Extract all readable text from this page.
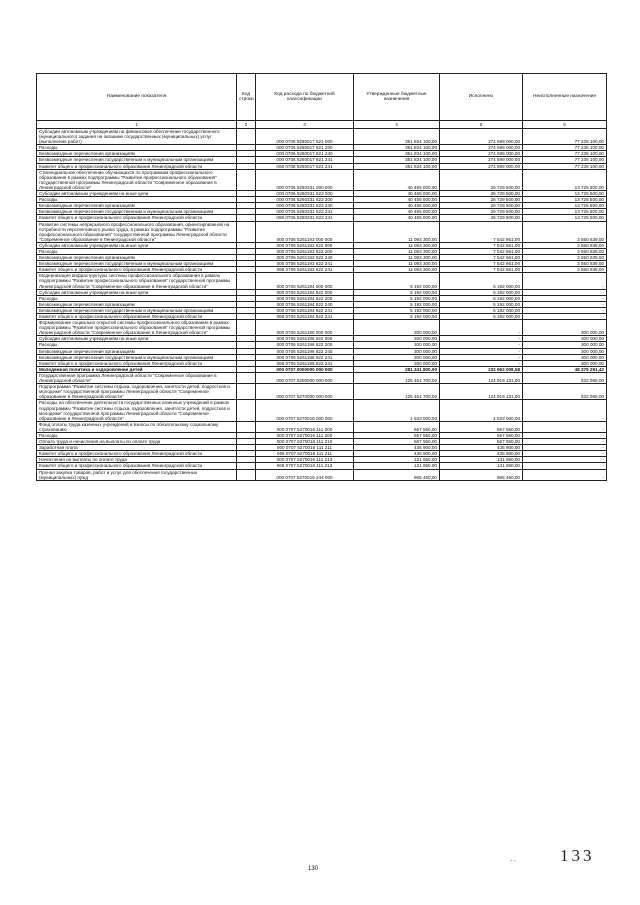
Наименование показателя	Код строки	Код расхода по бюджетной классификации	Утвержденные бюджетные назначения	Исполнено	Неисполненные назначения
1	2	3	4	5	6
Субсидии автономным учреждениям на финансовое обеспечение государственного (муниципального) задания на оказание государственных (муниципальных) услуг (выполнение работ)		000 0706 5260017 621 000	351 834 100,00	274 599 000,00	77 235 100,00
Расходы		000 0706 5260017 621 200	351 834 100,00	274 599 000,00	77 235 100,00
Безвозмездные перечисления организациям		000 0706 5260017 621 240	351 834 100,00	274 599 000,00	77 235 100,00
Безвозмездные перечисления государственным и муниципальным организациям		000 0706 5260017 621 241	351 834 100,00	274 599 000,00	77 235 100,00
Комитет общего и профессионального образования Ленинградской области		068 0706 5260017 621 241	351 834 100,00	274 599 000,00	77 235 100,00
Стипендиальное обеспечение обучающихся по программам профессионального образования в рамках подпрограммы "Развитие профессионального образования" государственной программы Ленинградской области "Современное образование в Ленинградской области"		000 0706 5260331 000 000	40 455 000,00	26 729 500,00	13 725 500,00
Субсидии автономным учреждениям на иные цели		000 0706 5260331 622 000	40 455 000,00	26 729 500,00	13 725 500,00
Расходы		000 0706 5260331 622 200	40 455 000,00	26 729 500,00	13 725 500,00
Безвозмездные перечисления организациям		000 0706 5260331 622 240	40 455 000,00	26 729 500,00	13 725 500,00
Безвозмездные перечисления государственным и муниципальным организациям		000 0706 5260331 622 241	40 455 000,00	26 729 500,00	13 725 500,00
Комитет общего и профессионального образования Ленинградской области		068 0706 5260331 622 241	40 455 000,00	26 729 500,00	13 725 500,00
Развитие системы непрерывного профессионального образования, ориентированной на потребности перспективного рынка труда, в рамках подпрограммы "Развитие профессионального образования" государственной программы Ленинградской области "Современное образование в Ленинградской области"		000 0706 5261193 000 000	11 093 300,00	7 542 661,00	3 550 639,00
Субсидии автономным учреждениям на иные цели		000 0706 5261193 622 000	11 093 300,00	7 542 661,00	3 550 639,00
Расходы		000 0706 5261193 622 200	11 093 300,00	7 542 661,00	3 550 639,00
Безвозмездные перечисления организациям		000 0706 5261193 622 240	11 093 300,00	7 542 661,00	3 550 639,00
Безвозмездные перечисления государственным и муниципальным организациям		000 0706 5261193 622 241	11 093 300,00	7 542 661,00	3 550 639,00
Комитет общего и профессионального образования Ленинградской области		068 0706 5261193 622 241	11 093 300,00	7 542 661,00	3 550 639,00
Модернизация инфраструктуры системы профессионального образования в рамках подпрограммы "Развитие профессионального образования" государственной программы Ленинградской области "Современное образование в Ленинградской области"		000 0706 5261194 000 000	5 192 000,00	5 192 000,00	-
Субсидии автономным учреждениям на иные цели		000 0706 5261194 622 000	5 192 000,00	5 192 000,00	-
Расходы		000 0706 5261194 622 200	5 192 000,00	5 192 000,00	-
Безвозмездные перечисления организациям		000 0706 5261194 622 240	5 192 000,00	5 192 000,00	-
Безвозмездные перечисления государственным и муниципальным организациям		000 0706 5261194 622 241	5 192 000,00	5 192 000,00	-
Комитет общего и профессионального образования Ленинградской области		068 0706 5261194 622 241	5 192 000,00	5 192 000,00	-
Формирование социально открытой системы профессионального образования в рамках подпрограммы "Развитие профессионального образования" государственной программы Ленинградской области "Современное образование в Ленинградской области"		000 0706 5261196 000 000	300 000,00	-	300 000,00
Субсидии автономным учреждениям на иные цели		000 0706 5261196 622 000	300 000,00	-	300 000,00
Расходы		000 0706 5261196 622 200	300 000,00	-	300 000,00
Безвозмездные перечисления организациям		000 0706 5261196 622 240	300 000,00	-	300 000,00
Безвозмездные перечисления государственным и муниципальным организациям		000 0706 5261196 622 241	300 000,00	-	300 000,00
Комитет общего и профессионального образования Ленинградской области		068 0706 5261196 622 241	300 000,00	-	300 000,00
Молодежная политика и оздоровление детей		000 0707 0000000 000 000	281 341 800,00	232 962 008,58	48 379 291,42
Государственная программа Ленинградской области "Современное образование в Ленинградской области"		000 0707 5200000 000 000	125 451 700,00	124 919 131,00	532 569,00
Подпрограмма "Развитие системы отдыха, оздоровления, занятости детей, подростков и молодежи" государственной программы Ленинградской области "Современное образование в Ленинградской области"		000 0707 5270000 000 000	125 451 700,00	124 919 131,00	532 569,00
Расходы на обеспечение деятельности государственных казенных учреждений в рамках подпрограммы "Развитие системы отдыха, оздоровления, занятости детей, подростков и молодежи" государственной программы Ленинградской области "Современное образование в Ленинградской области"		000 0707 5270016 000 000	1 533 000,00	1 533 000,00	-
Фонд оплаты труда казенных учреждений и взносы по обязательному социальному страхованию		000 0707 5270016 111 000	567 550,00	567 550,00	-
Расходы		000 0707 5270016 111 200	567 550,00	567 550,00	-
Оплата труда и начисления на выплаты по оплате труда		000 0707 5270016 111 210	567 550,00	567 550,00	-
Заработная плата		000 0707 5270016 111 211	435 900,00	435 900,00	-
Комитет общего и профессионального образования Ленинградской области		068 0707 5270016 111 211	435 900,00	435 900,00	-
Начисления на выплаты по оплате труда		000 0707 5270016 111 213	131 650,00	131 650,00	-
Комитет общего и профессионального образования Ленинградской области		068 0707 5270016 111 213	131 650,00	131 650,00	-
Прочая закупка товаров, работ и услуг для обеспечения государственных (муниципальных) нужд		000 0707 5270016 244 000	965 450,00	965 450,00	-
130
- -	133
